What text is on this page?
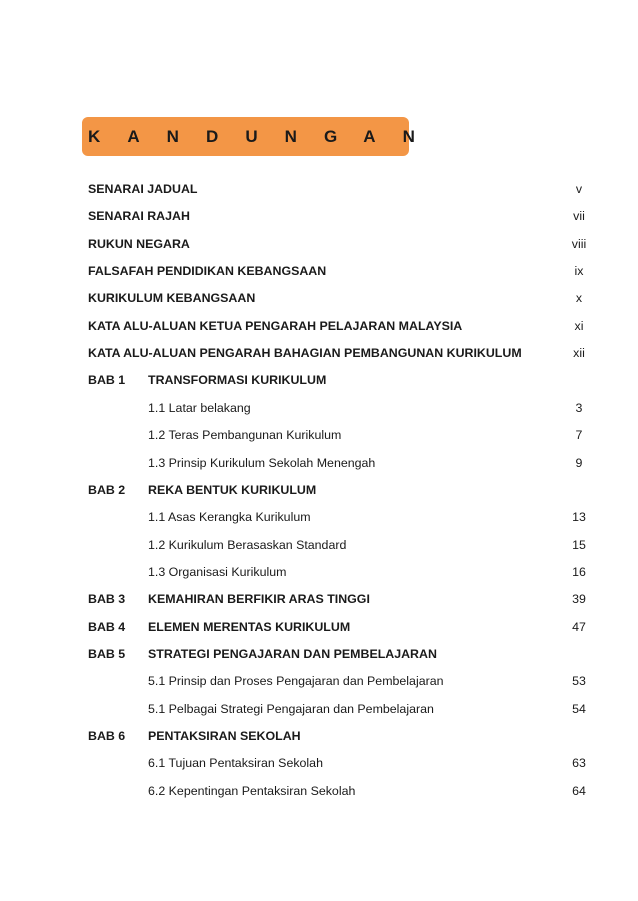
K	A	N	D	U	N	G	A	N
SENARAI JADUAL	v
SENARAI RAJAH	vii
RUKUN NEGARA	viii
FALSAFAH PENDIDIKAN KEBANGSAAN	ix
KURIKULUM KEBANGSAAN	x
KATA ALU-ALUAN KETUA PENGARAH PELAJARAN MALAYSIA	xi
KATA ALU-ALUAN PENGARAH BAHAGIAN PEMBANGUNAN KURIKULUM	xii
BAB 1 TRANSFORMASI KURIKULUM
1.1 Latar belakang	3
1.2 Teras Pembangunan Kurikulum	7
1.3 Prinsip Kurikulum Sekolah Menengah	9
BAB 2 REKA BENTUK KURIKULUM
1.1 Asas Kerangka Kurikulum	13
1.2 Kurikulum Berasaskan Standard	15
1.3 Organisasi Kurikulum	16
BAB 3 KEMAHIRAN BERFIKIR ARAS TINGGI	39
BAB 4 ELEMEN MERENTAS KURIKULUM	47
BAB 5 STRATEGI PENGAJARAN DAN PEMBELAJARAN
5.1 Prinsip dan Proses Pengajaran dan Pembelajaran	53
5.1 Pelbagai Strategi Pengajaran dan Pembelajaran	54
BAB 6 PENTAKSIRAN SEKOLAH
6.1 Tujuan Pentaksiran Sekolah	63
6.2 Kepentingan Pentaksiran Sekolah	64
